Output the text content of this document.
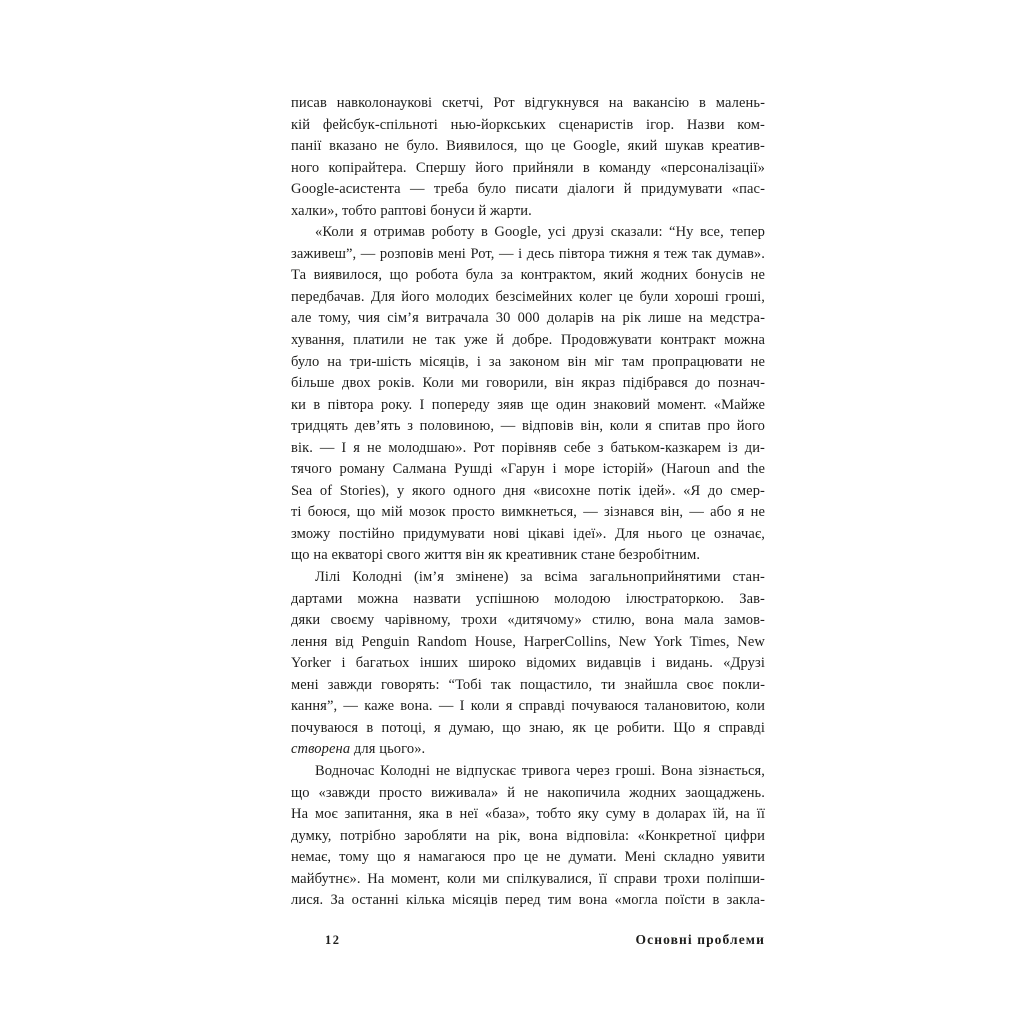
писав навколонаукові скетчі, Рот відгукнувся на вакансію в малень-
кій фейсбук-спільноті нью-йоркських сценаристів ігор. Назви ком-
панії вказано не було. Виявилося, що це Google, який шукав креатив-
ного копірайтера. Спершу його прийняли в команду «персоналізації»
Google-асистента — треба було писати діалоги й придумувати «пас-
халки», тобто раптові бонуси й жарти.
«Коли я отримав роботу в Google, усі друзі сказали: “Ну все, тепер
заживеш”, — розповів мені Рот, — і десь півтора тижня я теж так думав».
Та виявилося, що робота була за контрактом, який жодних бонусів не
передбачав. Для його молодих безсімейних колег це були хороші гроші,
але тому, чия сім’я витрачала 30 000 доларів на рік лише на медстра-
хування, платили не так уже й добре. Продовжувати контракт можна
було на три-шість місяців, і за законом він міг там пропрацювати не
більше двох років. Коли ми говорили, він якраз підібрався до познач-
ки в півтора року. І попереду зяяв ще один знаковий момент. «Майже
тридцять дев’ять з половиною, — відповів він, коли я спитав про його
вік. — І я не молодшаю». Рот порівняв себе з батьком-казкарем із ди-
тячого роману Салмана Рушді «Гарун і море історій» (Haroun and the
Sea of Stories), у якого одного дня «висохне потік ідей». «Я до смер-
ті боюся, що мій мозок просто вимкнеться, — зізнався він, — або я не
зможу постійно придумувати нові цікаві ідеї». Для нього це означає,
що на екваторі свого життя він як креативник стане безробітним.
Лілі Колодні (ім’я змінене) за всіма загальноприйнятими стан-
дартами можна назвати успішною молодою ілюстраторкою. Зав-
дяки своєму чарівному, трохи «дитячому» стилю, вона мала замов-
лення від Penguin Random House, HarperCollins, New York Times, New
Yorker і багатьох інших широко відомих видавців і видань. «Друзі
мені завжди говорять: “Тобі так пощастило, ти знайшла своє покли-
кання”, — каже вона. — І коли я справді почуваюся талановитою, коли
почуваюся в потоці, я думаю, що знаю, як це робити. Що я справді
створена для цього».
Водночас Колодні не відпускає тривога через гроші. Вона зізнається,
що «завжди просто виживала» й не накопичила жодних заощаджень.
На моє запитання, яка в неї «база», тобто яку суму в доларах їй, на її
думку, потрібно заробляти на рік, вона відповіла: «Конкретної цифри
немає, тому що я намагаюся про це не думати. Мені складно уявити
майбутнє». На момент, коли ми спілкувалися, її справи трохи поліпши-
лися. За останні кілька місяців перед тим вона «могла поїсти в закла-
12	Основні проблеми
